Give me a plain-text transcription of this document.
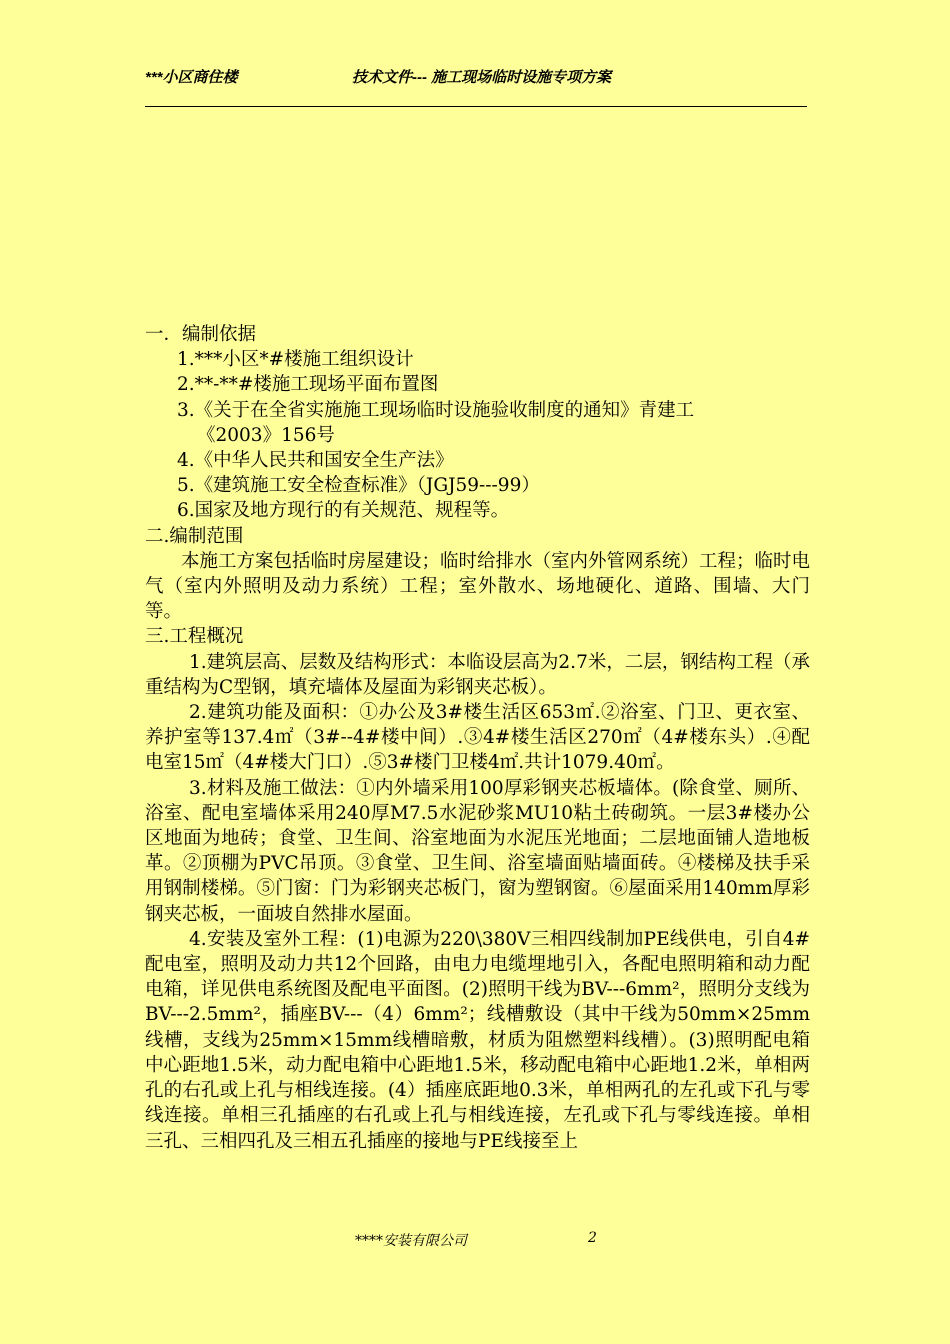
***小区商住楼	技术文件--- 施工现场临时设施专项方案

一．编制依据

1.***小区*#楼施工组织设计

2.**-**#楼施工现场平面布置图

3.《关于在全省实施施工现场临时设施验收制度的通知》青建工

《2003》156号

4.《中华人民共和国安全生产法》

5.《建筑施工安全检查标准》（JGJ59---99）

6.国家及地方现行的有关规范、规程等。

二.编制范围

本施工方案包括临时房屋建设；临时给排水（室内外管网系统）工程；临时电气（室内外照明及动力系统）工程；室外散水、场地硬化、道路、围墙、大门等。

三.工程概况

1.建筑层高、层数及结构形式：本临设层高为2.7米，二层，钢结构工程（承重结构为C型钢，填充墙体及屋面为彩钢夹芯板）。

2.建筑功能及面积：①办公及3#楼生活区653㎡.②浴室、门卫、更衣室、养护室等137.4㎡（3#--4#楼中间）.③4#楼生活区270㎡（4#楼东头）.④配电室15㎡（4#楼大门口）.⑤3#楼门卫楼4㎡.共计1079.40㎡。

3.材料及施工做法：①内外墙采用100厚彩钢夹芯板墙体。(除食堂、厕所、浴室、配电室墙体采用240厚M7.5水泥砂浆MU10粘土砖砌筑。一层3#楼办公区地面为地砖；食堂、卫生间、浴室地面为水泥压光地面；二层地面铺人造地板革。②顶棚为PVC吊顶。③食堂、卫生间、浴室墙面贴墙面砖。④楼梯及扶手采用钢制楼梯。⑤门窗：门为彩钢夹芯板门，窗为塑钢窗。⑥屋面采用140mm厚彩钢夹芯板，一面坡自然排水屋面。

4.安装及室外工程：(1)电源为220\380V三相四线制加PE线供电，引自4#配电室，照明及动力共12个回路，由电力电缆埋地引入，各配电照明箱和动力配电箱，详见供电系统图及配电平面图。(2)照明干线为BV---6mm²，照明分支线为BV---2.5mm²，插座BV---（4）6mm²；线槽敷设（其中干线为50mm×25mm线槽，支线为25mm×15mm线槽暗敷，材质为阻燃塑料线槽）。(3)照明配电箱中心距地1.5米，动力配电箱中心距地1.5米，移动配电箱中心距地1.2米，单相两孔的右孔或上孔与相线连接。(4）插座底距地0.3米，单相两孔的左孔或下孔与零线连接。单相三孔插座的右孔或上孔与相线连接，左孔或下孔与零线连接。单相三孔、三相四孔及三相五孔插座的接地与PE线接至上

****安装有限公司	2
